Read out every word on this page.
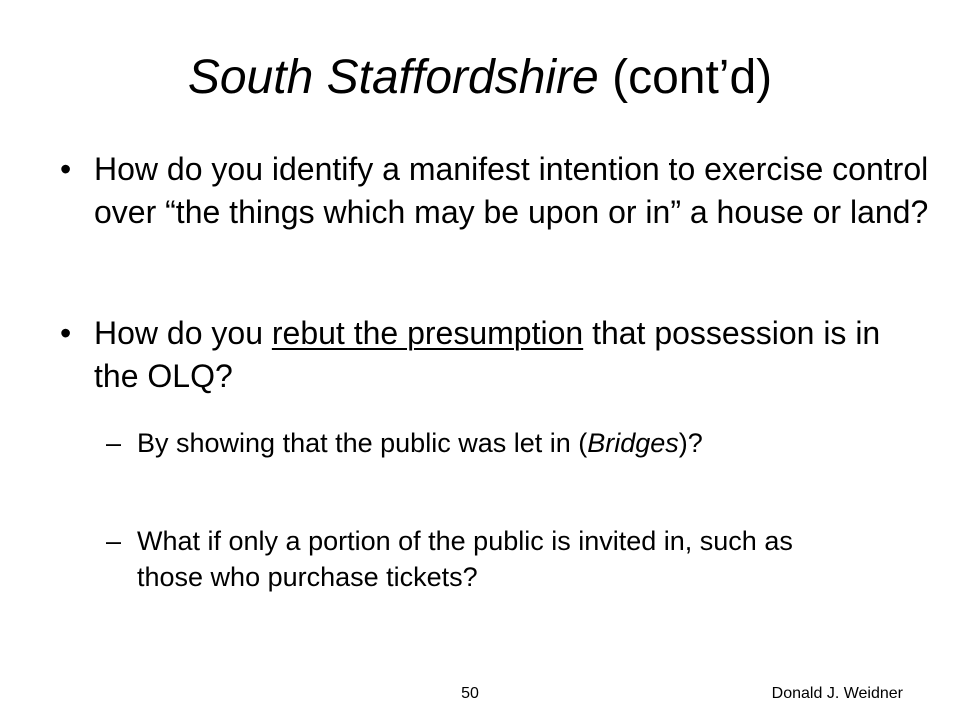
South Staffordshire (cont’d)
• How do you identify a manifest intention to exercise control over “the things which may be upon or in” a house or land?
• How do you rebut the presumption that possession is in the OLQ?
– By showing that the public was let in (Bridges)?
– What if only a portion of the public is invited in, such as those who purchase tickets?
50	Donald J. Weidner
